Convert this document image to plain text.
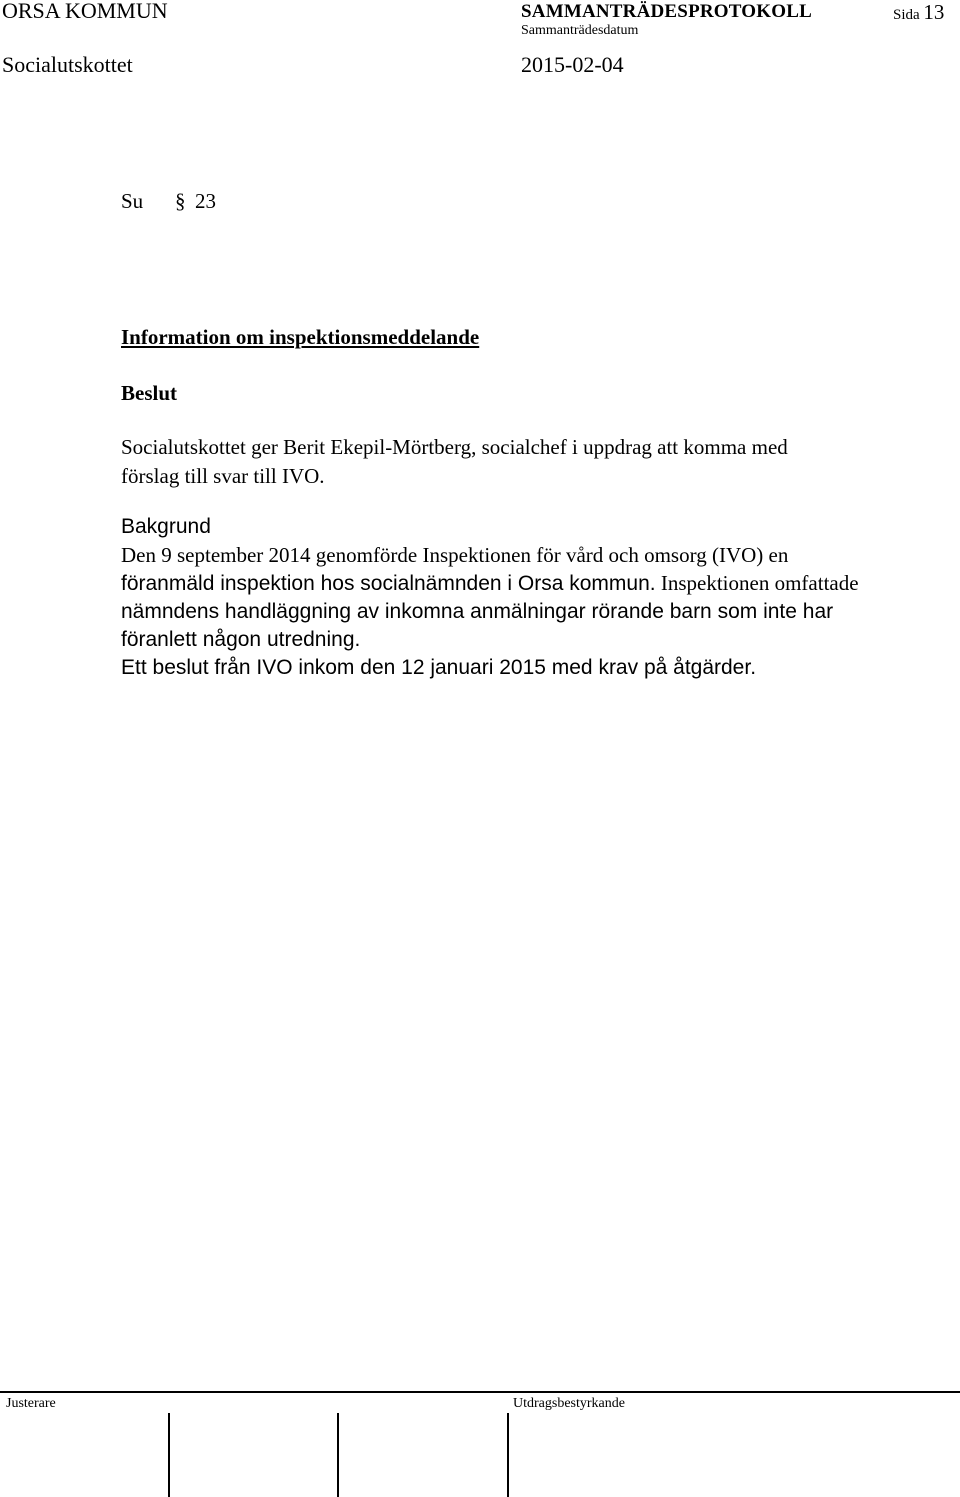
ORSA KOMMUN	SAMMANTRÄDESPROTOKOLL	Sida 13
Sammanträdesdatum
Socialutskottet	2015-02-04
Su § 23
Information om inspektionsmeddelande
Beslut
Socialutskottet ger Berit Ekepil-Mörtberg, socialchef i uppdrag att komma med
förslag till svar till IVO.
Bakgrund
Den 9 september 2014 genomförde Inspektionen för vård och omsorg (IVO) en
föranmäld inspektion hos socialnämnden i Orsa kommun. Inspektionen omfattade
nämndens handläggning av inkomna anmälningar rörande barn som inte har
föranlett någon utredning.
Ett beslut från IVO inkom den 12 januari 2015 med krav på åtgärder.
Justerare	Utdragsbestyrkande
